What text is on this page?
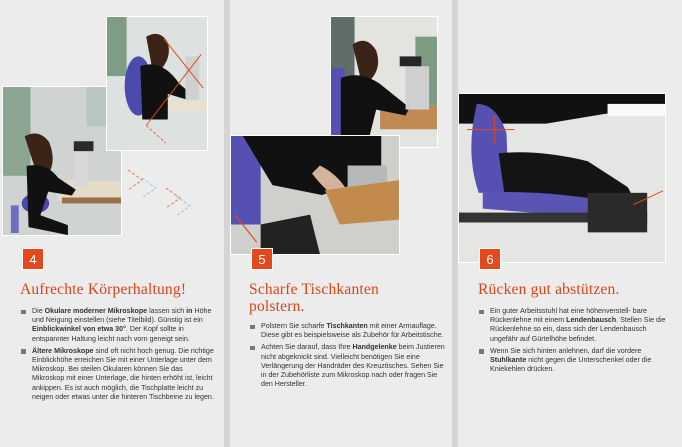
4	5	6
Aufrechte Körperhaltung!	Scharfe Tischkanten polstern.
Rücken gut abstützen.
Die Okulare moderner Mikroskope lassen sich in Höhe und Neigung einstellen (siehe Titelbild). Günstig ist ein Einblickwinkel von etwa 30°. Der Kopf sollte in entspannter Haltung leicht nach vorn geneigt sein.
Ältere Mikroskope sind oft nicht hoch genug. Die richtige Einblickhöhe erreichen Sie mit einer Unterlage unter dem Mikroskop. Bei steilen Okularen können Sie das Mikroskop mit einer Unterlage, die hinten erhöht ist, leicht ankippen. Es ist auch möglich, die Tischplatte leicht zu neigen oder etwas unter die hinteren Tischbeine zu legen.
Polstern Sie scharfe Tischkanten mit einer Armauflage. Diese gibt es beispielsweise als Zubehör für Arbeitstische.
Achten Sie darauf, dass Ihre Handgelenke beim Justieren nicht abgeknickt sind. Vielleicht benötigen Sie eine Verlängerung der Handräder des Kreuztisches. Sehen Sie in der Zubehörliste zum Mikroskop nach oder fragen Sie den Hersteller.
Ein guter Arbeitsstuhl hat eine höhenverstell- bare Rückenlehne mit einem Lendenbausch. Stellen Sie die Rückenlehne so ein, dass sich der Lendenbausch ungefähr auf Gürtelhöhe befindet.
Wenn Sie sich hinten anlehnen, darf die vordere Stuhlkante nicht gegen die Unterschenkel oder die Kniekehlen drücken.
